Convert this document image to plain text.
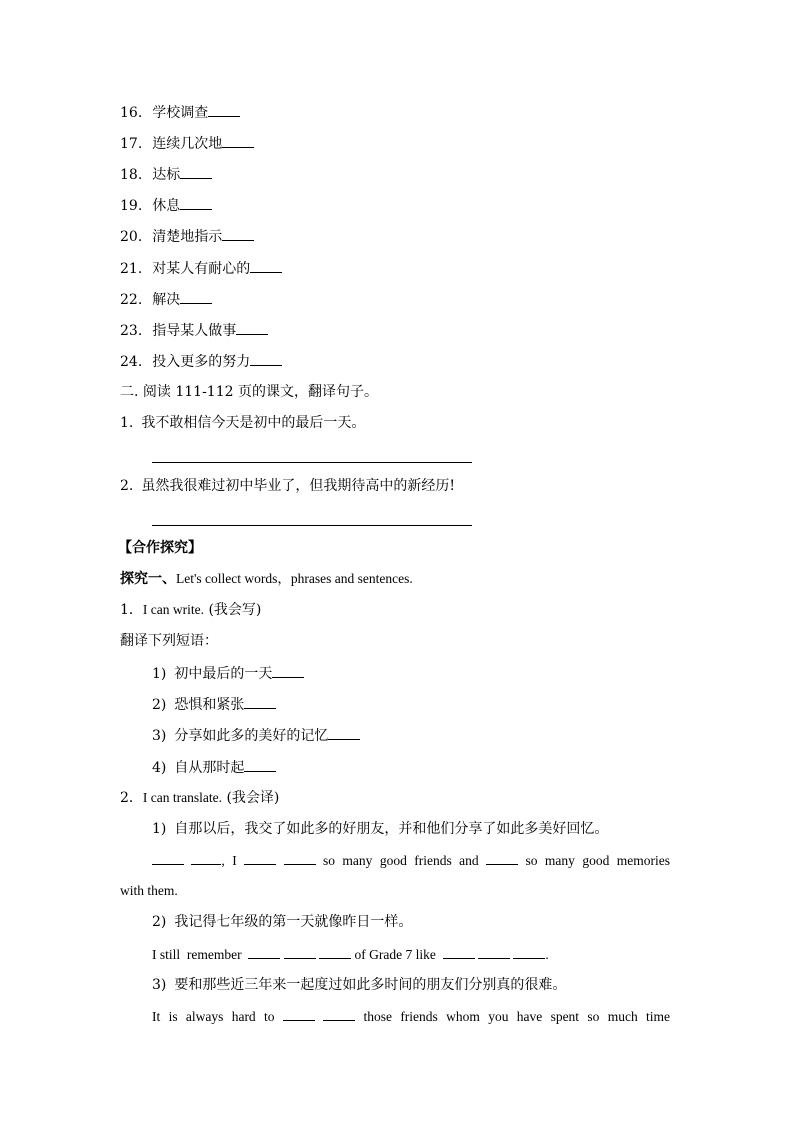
16. 学校调查
17. 连续几次地
18. 达标
19. 休息
20. 清楚地指示
21. 对某人有耐心的
22. 解决
23. 指导某人做事
24. 投入更多的努力
二. 阅读 111-112 页的课文，翻译句子。
1. 我不敢相信今天是初中的最后一天。
2. 虽然我很难过初中毕业了，但我期待高中的新经历!
【合作探究】
探究一、Let's collect words，phrases and sentences.
1．I can write. (我会写)
翻译下列短语：
1) 初中最后的一天
2) 恐惧和紧张
3) 分享如此多的美好的记忆
4) 自从那时起
2．I can translate. (我会译)
1) 自那以后，我交了如此多的好朋友，并和他们分享了如此多美好回忆。
, I	so many good friends and	so many good memories
with them.
2) 我记得七年级的第一天就像昨日一样。
I still remember	of Grade 7 like	.
3) 要和那些近三年来一起度过如此多时间的朋友们分别真的很难。
It is always hard to	those friends whom you have spent so much time
